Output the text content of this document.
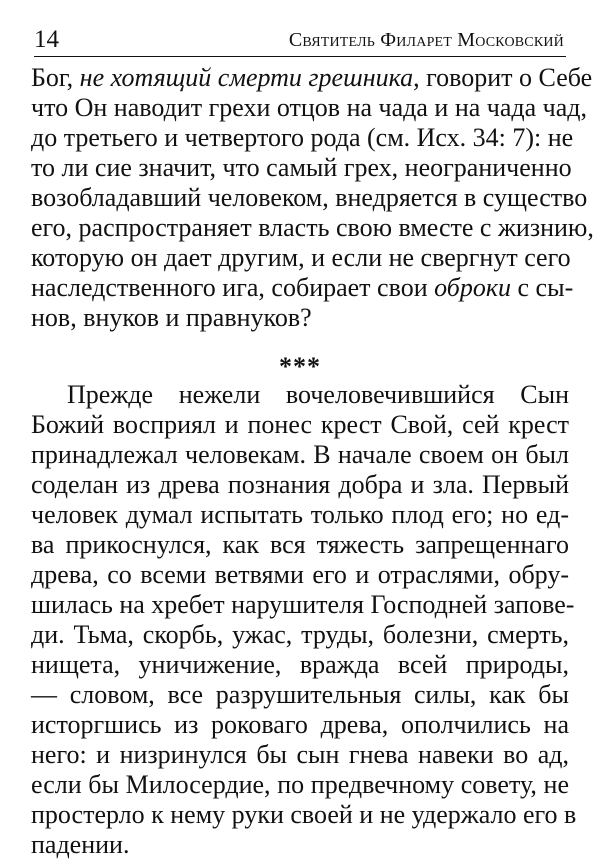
14	Святитель Филарет Московский
Бог, не хотящий смерти грешника, говорит о Себе
что Он наводит грехи отцов на чада и на чада чад,
до третьего и четвертого рода (см. Исх. 34: 7): не
то ли сие значит, что самый грех, неограниченно
возобладавший человеком, внедряется в существо
его, распространяет власть свою вместе с жизнию,
которую он дает другим, и если не свергнут сего
наследственного ига, собирает свои оброки с сы-
нов, внуков и правнуков?
***
Прежде нежели вочеловечившийся Сын
Божий восприял и понес крест Свой, сей крест
принадлежал человекам. В начале своем он был
соделан из древа познания добра и зла. Первый
человек думал испытать только плод его; но ед-
ва прикоснулся, как вся тяжесть запрещеннаго
древа, со всеми ветвями его и отраслями, обру-
шилась на хребет нарушителя Господней запове-
ди. Тьма, скорбь, ужас, труды, болезни, смерть,
нищета, уничижение, вражда всей природы,
— словом, все разрушительныя силы, как бы
исторгшись из роковаго древа, ополчились на
него: и низринулся бы сын гнева навеки во ад,
если бы Милосердие, по предвечному совету, не
простерло к нему руки своей и не удержало его в
падении.
